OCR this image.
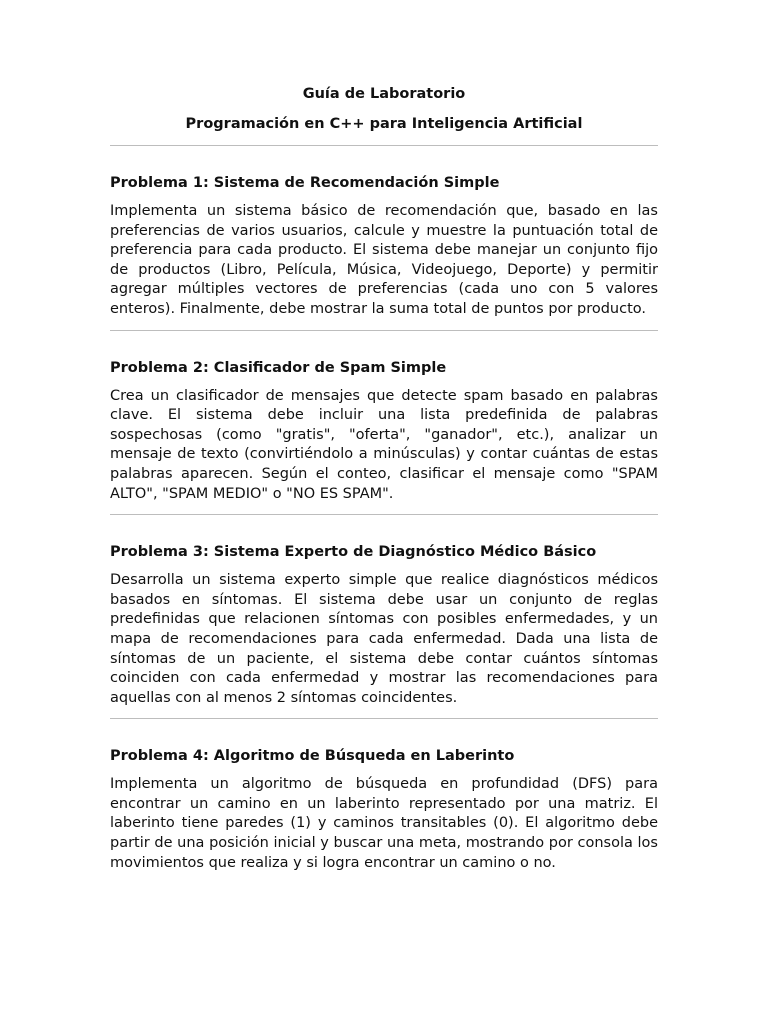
Guía de Laboratorio
Programación en C++ para Inteligencia Artificial
Problema 1: Sistema de Recomendación Simple

Implementa un sistema básico de recomendación que, basado en las preferencias de varios usuarios, calcule y muestre la puntuación total de preferencia para cada producto. El sistema debe manejar un conjunto fijo de productos (Libro, Película, Música, Videojuego, Deporte) y permitir agregar múltiples vectores de preferencias (cada uno con 5 valores enteros). Finalmente, debe mostrar la suma total de puntos por producto.

Problema 2: Clasificador de Spam Simple

Crea un clasificador de mensajes que detecte spam basado en palabras clave. El sistema debe incluir una lista predefinida de palabras sospechosas (como "gratis", "oferta", "ganador", etc.), analizar un mensaje de texto (convirtiéndolo a minúsculas) y contar cuántas de estas palabras aparecen. Según el conteo, clasificar el mensaje como "SPAM ALTO", "SPAM MEDIO" o "NO ES SPAM".

Problema 3: Sistema Experto de Diagnóstico Médico Básico

Desarrolla un sistema experto simple que realice diagnósticos médicos basados en síntomas. El sistema debe usar un conjunto de reglas predefinidas que relacionen síntomas con posibles enfermedades, y un mapa de recomendaciones para cada enfermedad. Dada una lista de síntomas de un paciente, el sistema debe contar cuántos síntomas coinciden con cada enfermedad y mostrar las recomendaciones para aquellas con al menos 2 síntomas coincidentes.

Problema 4: Algoritmo de Búsqueda en Laberinto

Implementa un algoritmo de búsqueda en profundidad (DFS) para encontrar un camino en un laberinto representado por una matriz. El laberinto tiene paredes (1) y caminos transitables (0). El algoritmo debe partir de una posición inicial y buscar una meta, mostrando por consola los movimientos que realiza y si logra encontrar un camino o no.
